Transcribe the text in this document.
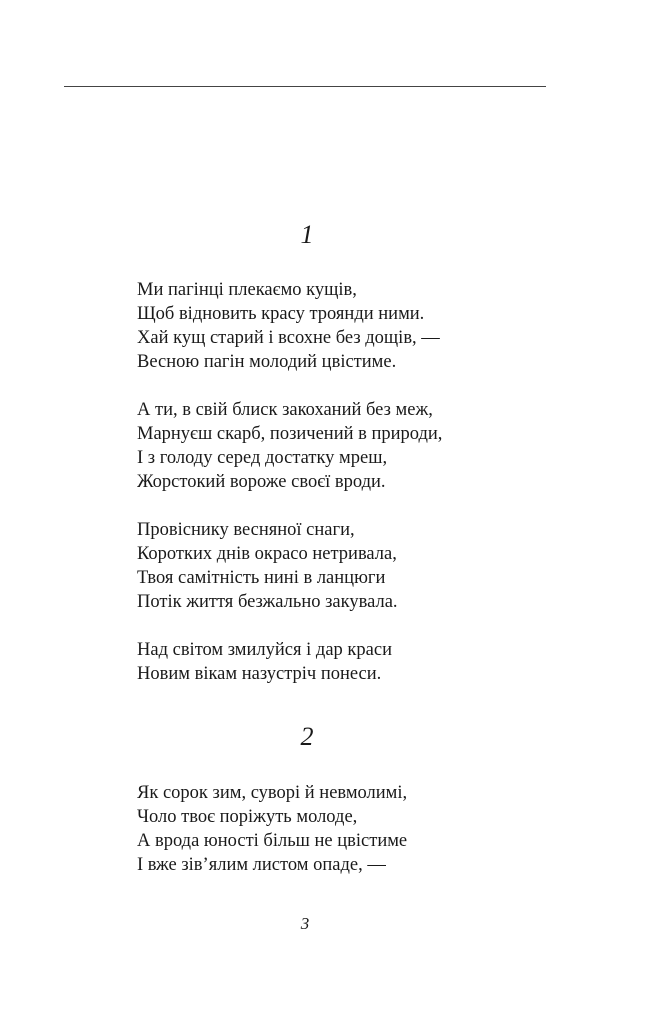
1
Ми пагінці плекаємо кущів,
Щоб відновить красу троянди ними.
Хай кущ старий і всохне без дощів, —
Весною пагін молодий цвістиме.
А ти, в свій блиск закоханий без меж,
Марнуєш скарб, позичений в природи,
І з голоду серед достатку мреш,
Жорстокий вороже своєї вроди.
Провіснику весняної снаги,
Коротких днів окрасо нетривала,
Твоя самітність нині в ланцюги
Потік життя безжально закувала.
Над світом змилуйся і дар краси
Новим вікам назустріч понеси.
2
Як сорок зим, суворі й невмолимі,
Чоло твоє поріжуть молоде,
А врода юності більш не цвістиме
І вже зів’ялим листом опаде, —
3
